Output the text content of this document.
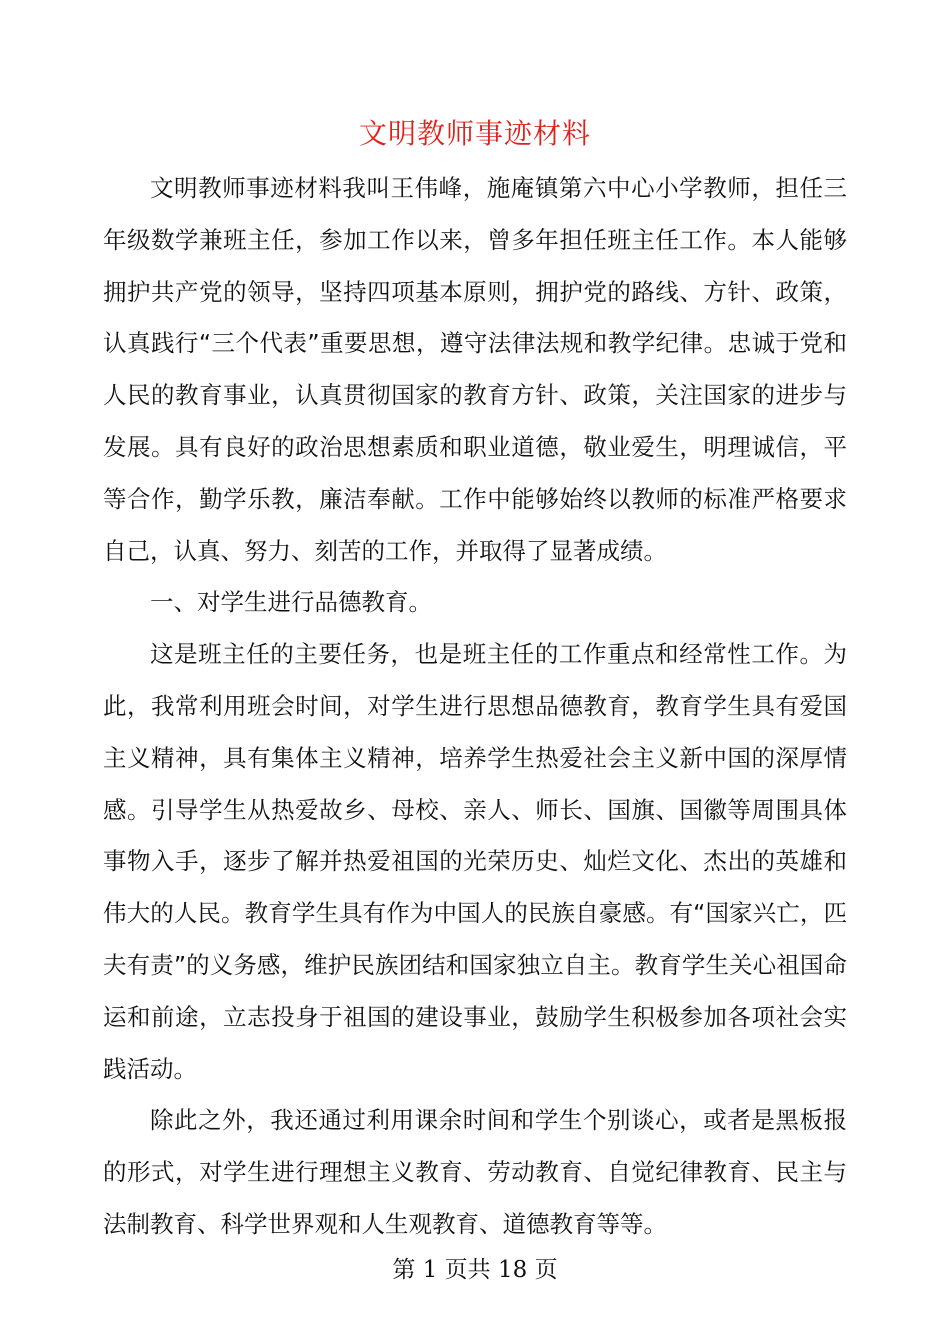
文明教师事迹材料

文明教师事迹材料我叫王伟峰，施庵镇第六中心小学教师，担任三年级数学兼班主任，参加工作以来，曾多年担任班主任工作。本人能够拥护共产党的领导，坚持四项基本原则，拥护党的路线、方针、政策，认真践行“三个代表”重要思想，遵守法律法规和教学纪律。忠诚于党和人民的教育事业，认真贯彻国家的教育方针、政策，关注国家的进步与发展。具有良好的政治思想素质和职业道德，敬业爱生，明理诚信，平等合作，勤学乐教，廉洁奉献。工作中能够始终以教师的标准严格要求自己，认真、努力、刻苦的工作，并取得了显著成绩。

一、对学生进行品德教育。

这是班主任的主要任务，也是班主任的工作重点和经常性工作。为此，我常利用班会时间，对学生进行思想品德教育，教育学生具有爱国主义精神，具有集体主义精神，培养学生热爱社会主义新中国的深厚情感。引导学生从热爱故乡、母校、亲人、师长、国旗、国徽等周围具体事物入手，逐步了解并热爱祖国的光荣历史、灿烂文化、杰出的英雄和伟大的人民。教育学生具有作为中国人的民族自豪感。有“国家兴亡，匹夫有责”的义务感，维护民族团结和国家独立自主。教育学生关心祖国命运和前途，立志投身于祖国的建设事业，鼓励学生积极参加各项社会实践活动。

除此之外，我还通过利用课余时间和学生个别谈心，或者是黑板报的形式，对学生进行理想主义教育、劳动教育、自觉纪律教育、民主与法制教育、科学世界观和人生观教育、道德教育等等。

第 1 页共 18 页
